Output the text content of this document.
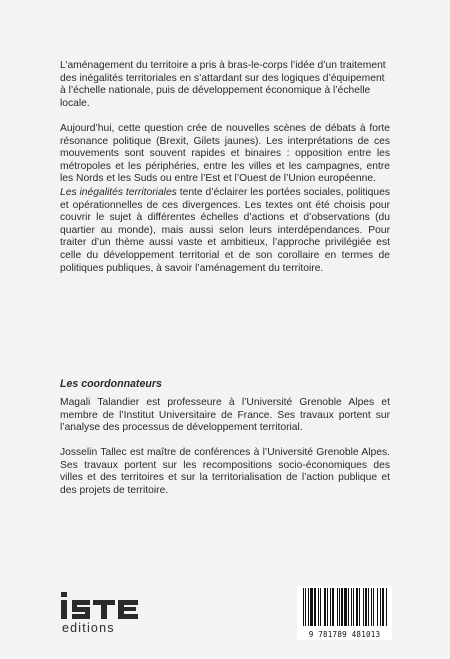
L’aménagement du territoire a pris à bras-le-corps l’idée d’un traitement des inégalités territoriales en s’attardant sur des logiques d’équipement à l’échelle nationale, puis de développement économique à l’échelle locale.

Aujourd’hui, cette question crée de nouvelles scènes de débats à forte résonance politique (Brexit, Gilets jaunes). Les interprétations de ces mouvements sont souvent rapides et binaires : opposition entre les métropoles et les périphéries, entre les villes et les campagnes, entre les Nords et les Suds ou entre l’Est et l’Ouest de l’Union européenne.

Les inégalités territoriales tente d’éclairer les portées sociales, politiques et opérationnelles de ces divergences. Les textes ont été choisis pour couvrir le sujet à différentes échelles d’actions et d’observations (du quartier au monde), mais aussi selon leurs interdépendances. Pour traiter d’un thème aussi vaste et ambitieux, l’approche privilégiée est celle du développement territorial et de son corollaire en termes de politiques publiques, à savoir l’aménagement du territoire.

Les coordonnateurs

Magali Talandier est professeure à l’Université Grenoble Alpes et membre de l’Institut Universitaire de France. Ses travaux portent sur l’analyse des processus de développement territorial.

Josselin Tallec est maître de conférences à l’Université Grenoble Alpes. Ses travaux portent sur les recompositions socio-économiques des villes et des territoires et sur la territorialisation de l’action publique et des projets de territoire.

editions	9 781789 481013
